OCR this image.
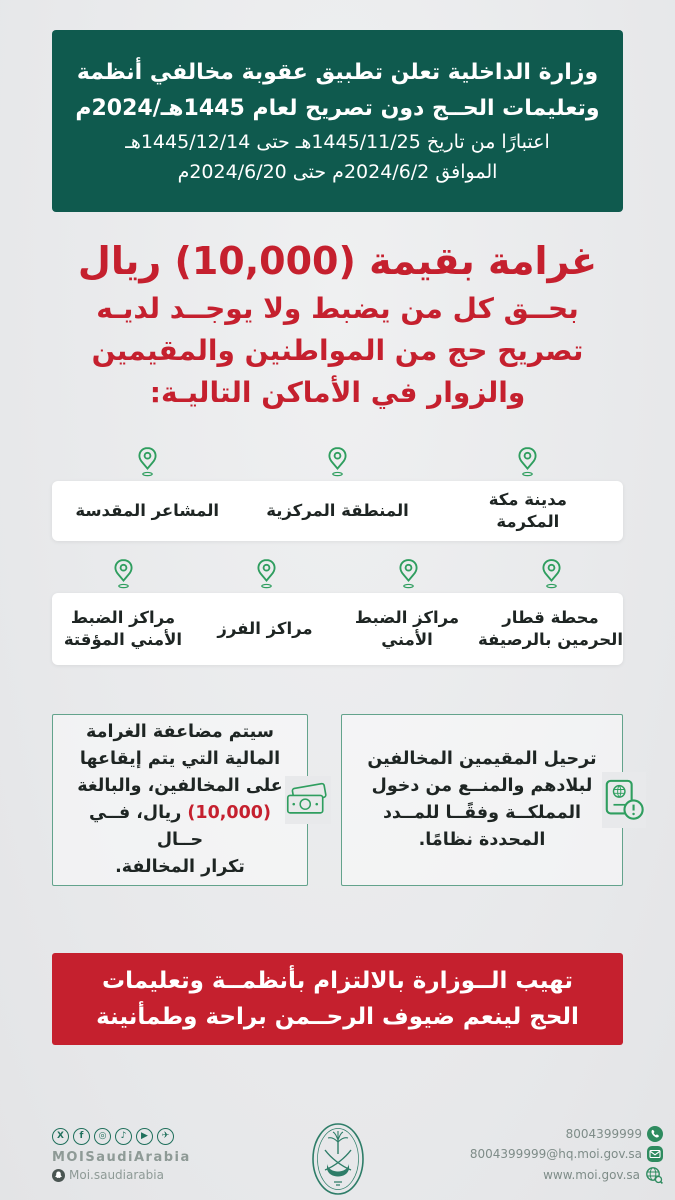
وزارة الداخلية تعلن تطبيق عقوبة مخالفي أنظمة
وتعليمات الحــج دون تصريح لعام 1445هـ/2024م
اعتبارًا من تاريخ 1445/11/25هـ حتى 1445/12/14هـ
الموافق 2024/6/2م حتى 2024/6/20م
غرامة بقيمة (10,000) ريال
بحــق كل من يضبط ولا يوجــد لديـه
تصريح حج من المواطنين والمقيمين
والزوار في الأماكن التاليـة:
مدينة مكة
المكرمة
المنطقة المركزية
المشاعر المقدسة
محطة قطار
الحرمين بالرصيفة
مراكز الضبط
الأمني
مراكز الفرز
مراكز الضبط
الأمني المؤقتة
ترحيل المقيمين المخالفين
لبلادهم والمنــع من دخول
المملكــة وفقًــا للمــدد
المحددة نظامًا.
سيتم مضاعفة الغرامة
المالية التي يتم إيقاعها
على المخالفين، والبالغة
(10,000) ريال، فــي حــال
تكرار المخالفة.
تهيب الــوزارة بالالتزام بأنظمــة وتعليمات
الحج لينعم ضيوف الرحــمن براحة وطمأنينة
X	f	◎	♪	▶	✈
MOISaudiArabia
Moi.saudiarabia
8004399999
8004399999@hq.moi.gov.sa
www.moi.gov.sa
